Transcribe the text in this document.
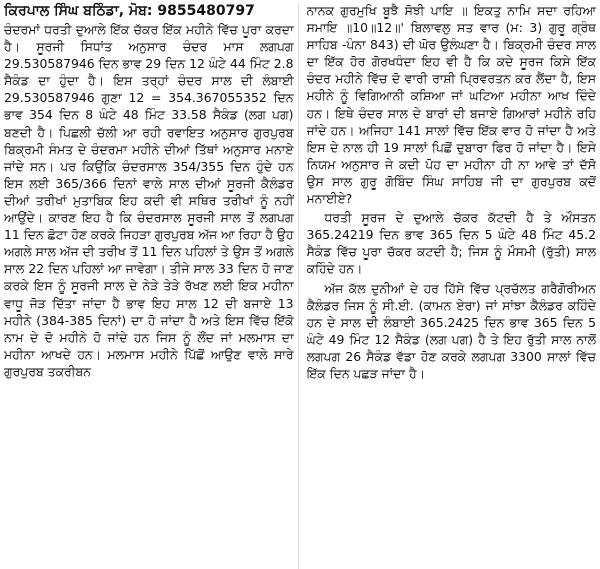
ਕਿਰਪਾਲ ਸਿੰਘ ਬਠਿੰਡਾ, ਮੋਬ: 9855480797

ਚੰਦਰਮਾਂ ਧਰਤੀ ਦੁਆਲੇ ਇੱਕ ਚੱਕਰ ਇੱਕ ਮਹੀਨੇ ਵਿੱਚ ਪੂਰਾ ਕਰਦਾ ਹੈ। ਸੂਰਜੀ ਸਿਧਾਂਤ ਅਨੁਸਾਰ ਚੰਦਰ ਮਾਸ ਲਗਪਗ 29.530587946 ਦਿਨ ਭਾਵ 29 ਦਿਨ 12 ਘੰਟੇ 44 ਮਿੰਟ 2.8 ਸੈਕੰਡ ਦਾ ਹੁੰਦਾ ਹੈ। ਇਸ ਤਰ੍ਹਾਂ ਚੰਦਰ ਸਾਲ ਦੀ ਲੰਬਾਈ 29.530587946 ਗੁਣਾ 12 = 354.367055352 ਦਿਨ ਭਾਵ 354 ਦਿਨ 8 ਘੰਟੇ 48 ਮਿੰਟ 33.58 ਸੈਕੰਡ (ਲਗ ਪਗ) ਬਣਦੀ ਹੈ। ਪਿਛਲੀ ਚੱਲੀ ਆ ਰਹੀ ਰਵਾਇਤ ਅਨੁਸਾਰ ਗੁਰਪੁਰਬ ਬਿਕ੍ਰਮੀ ਸੰਮਤ ਦੇ ਚੰਦਰਮਾ ਮਹੀਨੇ ਦੀਆਂ ਤਿੱਥਾਂ ਅਨੁਸਾਰ ਮਨਾਏ ਜਾਂਦੇ ਸਨ। ਪਰ ਕਿਉਂਕਿ ਚੰਦਰਸਾਲ 354/355 ਦਿਨ ਹੁੰਦੇ ਹਨ ਇਸ ਲਈ 365/366 ਦਿਨਾਂ ਵਾਲੇ ਸਾਲ ਦੀਆਂ ਸੂਰਜੀ ਕੈਲੰਡਰ ਦੀਆਂ ਤਰੀਖਾਂ ਮੁਤਾਬਿਕ ਇਹ ਕਦੀ ਵੀ ਸਥਿਰ ਤਰੀਖਾਂ ਨੂੰ ਨਹੀਂ ਆਉਂਦੇ। ਕਾਰਣ ਇਹ ਹੈ ਕਿ ਚੰਦਰਸਾਲ ਸੂਰਜੀ ਸਾਲ ਤੋਂ ਲਗਪਗ 11 ਦਿਨ ਛੋਟਾ ਹੋਣ ਕਰਕੇ ਜਿਹੜਾ ਗੁਰਪੁਰਬ ਅੱਜ ਆ ਰਿਹਾ ਹੈ ਉਹ ਅਗਲੇ ਸਾਲ ਅੱਜ ਦੀ ਤਰੀਖ ਤੋਂ 11 ਦਿਨ ਪਹਿਲਾਂ ਤੇ ਉਸ ਤੋਂ ਅਗਲੇ ਸਾਲ 22 ਦਿਨ ਪਹਿਲਾਂ ਆ ਜਾਵੇਗਾ। ਤੀਜੇ ਸਾਲ 33 ਦਿਨ ਹੋ ਜਾਣ ਕਰਕੇ ਇਸ ਨੂੰ ਸੂਰਜੀ ਸਾਲ ਦੇ ਨੇੜੇ ਤੇੜੇ ਰੱਖਣ ਲਈ ਇਕ ਮਹੀਨਾ ਵਾਧੂ ਜੋੜ ਦਿੱਤਾ ਜਾਂਦਾ ਹੈ ਭਾਵ ਇਹ ਸਾਲ 12 ਦੀ ਬਜਾਏ 13 ਮਹੀਨੇ (384-385 ਦਿਨਾਂ) ਦਾ ਹੋ ਜਾਂਦਾ ਹੈ ਅਤੇ ਇਸ ਵਿੱਚ ਇੱਕੋ ਨਾਮ ਦੇ ਦੋ ਮਹੀਨੇ ਹੋ ਜਾਂਦੇ ਹਨ ਜਿਸ ਨੂੰ ਲੌਂਦ ਜਾਂ ਮਲਮਾਸ ਦਾ ਮਹੀਨਾ ਆਖਦੇ ਹਨ। ਮਲਮਾਸ ਮਹੀਨੇ ਪਿੱਛੋਂ ਆਉਣ ਵਾਲੇ ਸਾਰੇ ਗੁਰਪੁਰਬ ਤਕਰੀਬਨ

ਨਾਨਕ ਗੁਰਮੁਖਿ ਬੂਝੈ ਸੋਝੀ ਪਾਇ ॥ ਇਕਤੁ ਨਾਮਿ ਸਦਾ ਰਹਿਆ ਸਮਾਇ ॥10॥12॥' ਬਿਲਾਵਲੁ ਸਤ ਵਾਰ (ਮ: 3) ਗੁਰੂ ਗ੍ਰੰਥ ਸਾਹਿਬ -ਪੰਨਾ 843) ਦੀ ਘੋਰ ਉਲੰਘਣਾ ਹੈ। ਬਿਕ੍ਰਮੀ ਚੰਦਰ ਸਾਲ ਦਾ ਇੱਕ ਹੋਰ ਗੋਰਖਧੰਦਾ ਇਹ ਵੀ ਹੈ ਕਿ ਕਦੇ ਸੂਰਜ ਕਿਸੇ ਇੱਕ ਚੰਦਰ ਮਹੀਨੇ ਵਿੱਚ ਦੋ ਵਾਰੀ ਰਾਸ਼ੀ ਪ੍ਰਿਵਰਤਨ ਕਰ ਲੈਂਦਾ ਹੈ, ਇਸ ਮਹੀਨੇ ਨੂੰ ਵਿਗਿਆਨੀ ਕਸ਼ਿਆ ਜਾਂ ਘਟਿਆ ਮਹੀਨਾ ਆਖ ਦਿੰਦੇ ਹਨ। ਇਥੇ ਚੰਦਰ ਸਾਲ ਦੇ ਬਾਰਾਂ ਦੀ ਬਜਾਏ ਗਿਆਰਾਂ ਮਹੀਨੇ ਰਹਿ ਜਾਂਦੇ ਹਨ। ਅਜਿਹਾ 141 ਸਾਲਾਂ ਵਿੱਚ ਇੱਕ ਵਾਰ ਹੋ ਜਾਂਦਾ ਹੈ ਅਤੇ ਇਸ ਦੇ ਨਾਲ ਹੀ 19 ਸਾਲਾਂ ਪਿਛੋਂ ਦੁਬਾਰਾ ਫਿਰ ਹੋ ਜਾਂਦਾ ਹੈ। ਇਸੇ ਨਿਯਮ ਅਨੁਸਾਰ ਜੇ ਕਦੀ ਪੋਹ ਦਾ ਮਹੀਨਾ ਹੀ ਨਾ ਆਵੇ ਤਾਂ ਦੱਸੋ ਉਸ ਸਾਲ ਗੁਰੂ ਗੋਬਿੰਦ ਸਿੰਘ ਸਾਹਿਬ ਜੀ ਦਾ ਗੁਰਪੁਰਬ ਕਦੋਂ ਮਨਾਈਏ?

ਧਰਤੀ ਸੂਰਜ ਦੇ ਦੁਆਲੇ ਚੱਕਰ ਕੱਟਦੀ ਹੈ ਤੇ ਔਸਤਨ 365.24219 ਦਿਨ ਭਾਵ 365 ਦਿਨ 5 ਘੰਟੇ 48 ਮਿੰਟ 45.2 ਸੈਕੰਡ ਵਿੱਚ ਪੂਰਾ ਚੱਕਰ ਕਟਦੀ ਹੈ; ਜਿਸ ਨੂੰ ਮੌਸਮੀ (ਰੁੱਤੀ) ਸਾਲ ਕਹਿੰਦੇ ਹਨ।

ਅੱਜ ਕੱਲ ਦੁਨੀਆਂ ਦੇ ਹਰ ਹਿੱਸੇ ਵਿੱਚ ਪ੍ਰਚੱਲਤ ਗਰੈਗੋਰੀਅਨ ਕੈਲੰਡਰ ਜਿਸ ਨੂੰ ਸੀ.ਈ. (ਕਾਮਨ ਏਰਾ) ਜਾਂ ਸਾਂਝਾ ਕੈਲੰਡਰ ਕਹਿੰਦੇ ਹਨ ਦੇ ਸਾਲ ਦੀ ਲੰਬਾਈ 365.2425 ਦਿਨ ਭਾਵ 365 ਦਿਨ 5 ਘੰਟੇ 49 ਮਿੰਟ 12 ਸੈਕੰਡ (ਲਗ ਪਗ) ਹੈ ਤੇ ਇਹ ਰੁੱਤੀ ਸਾਲ ਨਾਲੋਂ ਲਗਪਗ 26 ਸੈਕੰਡ ਵੱਡਾ ਹੋਣ ਕਰਕੇ ਲਗਪਗ 3300 ਸਾਲਾਂ ਵਿੱਚ ਇੱਕ ਦਿਨ ਪਛੜ ਜਾਂਦਾ ਹੈ।
